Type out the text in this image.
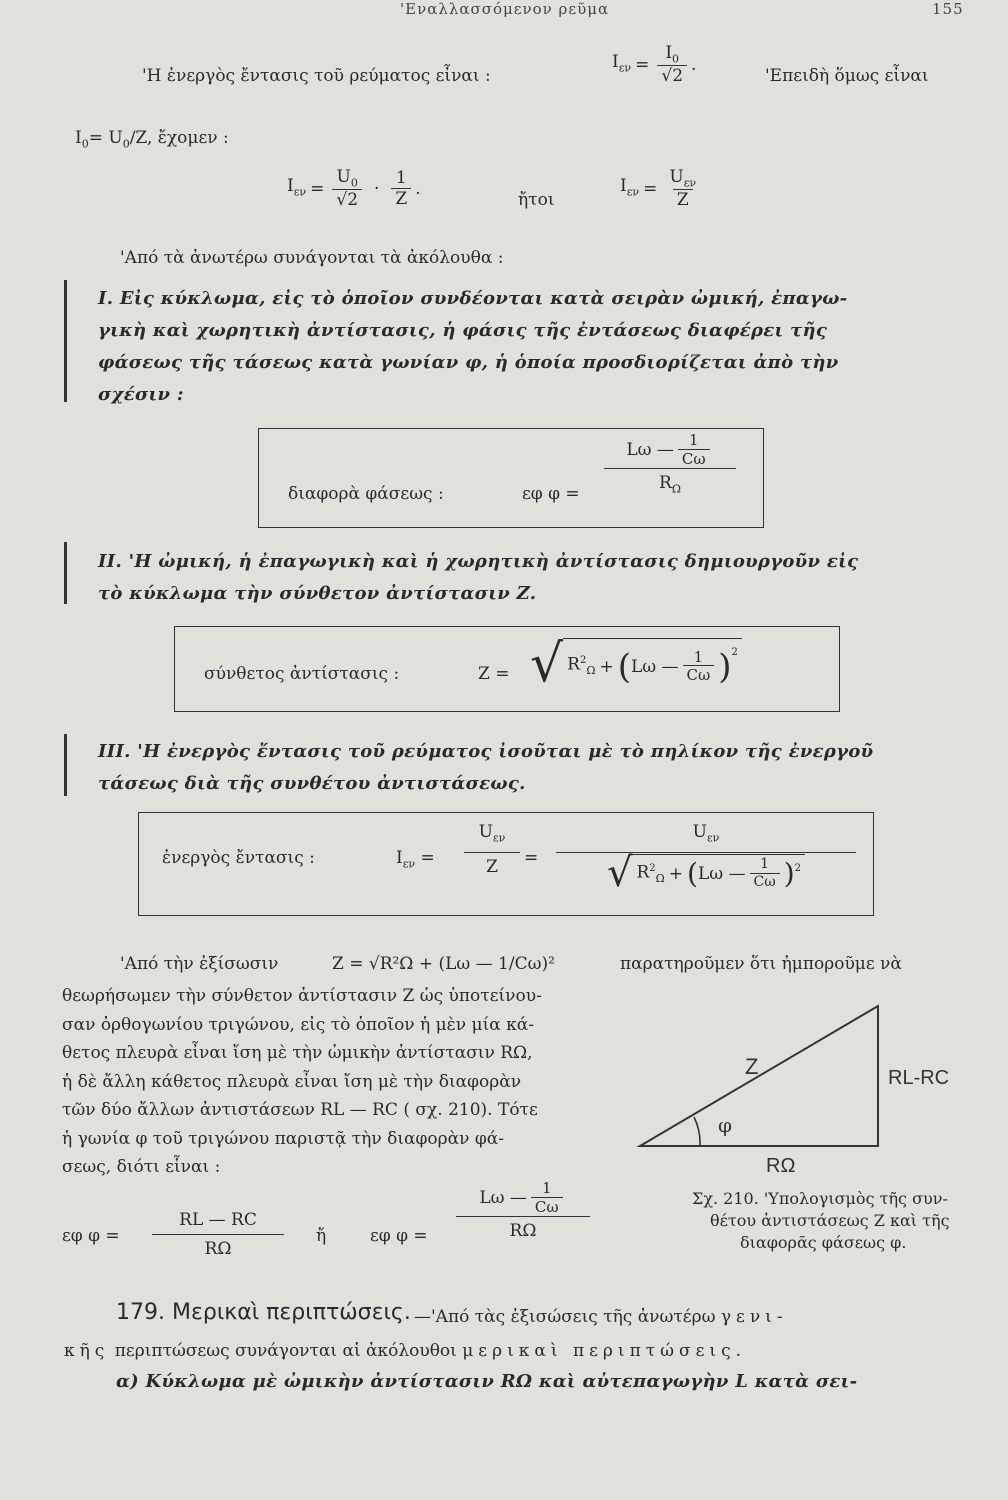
'Εναλλασσόμενον ρεῦμα	155
'Η ἐνεργὸς ἔντασις τοῦ ρεύματος εἶναι :
$I_{\varepsilon\nu} = \frac{I_0}{√2}$ .
'Επειδὴ ὅμως εἶναι
$I_0= U_0/Z$, ἔχομεν :
$I_{\varepsilon\nu} = \frac{U_0}{√2} \cdot \frac{1}{Z}$ .
ἤτοι
$I_{\varepsilon\nu} = \frac{U_{\varepsilon\nu}}{Z}$
'Από τὰ ἀνωτέρω συνάγονται τὰ ἀκόλουθα :
I. Εἰς κύκλωμα, εἰς τὸ ὁποῖον συνδέονται κατὰ σειρὰν ὠμική, ἐπαγω-
γικὴ καὶ χωρητικὴ ἀντίστασις, ἡ φάσις τῆς ἐντάσεως διαφέρει τῆς
φάσεως τῆς τάσεως κατὰ γωνίαν φ, ἡ ὁποία προσδιορίζεται ἀπὸ τὴν
σχέσιν :
διαφορὰ φάσεως :	εφ φ =
Lω — $\frac{1}{C\omega}$
$R_\Omega$
II. 'Η ὠμική, ἡ ἐπαγωγικὴ καὶ ἡ χωρητικὴ ἀντίστασις δημιουργοῦν εἰς
τὸ κύκλωμα τὴν σύνθετον ἀντίστασιν Z.
σύνθετος ἀντίστασις :	Z = √ $R^2_\Omega$ + ( Lω — $\frac{1}{C\omega} )^2$
III. 'Η ἐνεργὸς ἔντασις τοῦ ρεύματος ἰσοῦται μὲ τὸ πηλίκον τῆς ἐνεργοῦ
τάσεως διὰ τῆς συνθέτου ἀντιστάσεως.
ἐνεργὸς ἔντασις :	$I_{\varepsilon\nu}$ =
$U_{\varepsilon\nu}$
Z	=
$U_{\varepsilon\nu}$
√ $R^2_\Omega$ + ( Lω — $\frac{1}{C\omega} )^2$
'Από τὴν ἐξίσωσιν	Z = √R²Ω + (Lω — 1/Cω)²	παρατηροῦμεν ὅτι ἠμποροῦμε νὰ
θεωρήσωμεν τὴν σύνθετον ἀντίστασιν Z ὡς ὑποτείνου-
σαν ὀρθογωνίου τριγώνου, εἰς τὸ ὁποῖον ἡ μὲν μία κά-
θετος πλευρὰ εἶναι ἴση μὲ τὴν ὠμικὴν ἀντίστασιν RΩ,
ἡ δὲ ἄλλη κάθετος πλευρὰ εἶναι ἴση μὲ τὴν διαφορὰν
τῶν δύο ἄλλων ἀντιστάσεων RL — RC ( σχ. 210). Τότε
ἡ γωνία φ τοῦ τριγώνου παριστᾷ τὴν διαφορὰν φά-
σεως, διότι εἶναι :
Z
φ
RL-RC
RΩ
Σχ. 210. 'Υπολογισμὸς τῆς συν-
θέτου ἀντιστάσεως Z καὶ τῆς
διαφορᾶς φάσεως φ.
εφ φ =
RL — RC
RΩ
ἤ	εφ φ =
Lω — $\frac{1}{C\omega}$
RΩ
179. Μερικαὶ περιπτώσεις. —'Από τὰς ἐξισώσεις τῆς ἀνωτέρω γενι-
κῆς περιπτώσεως συνάγονται αἱ ἀκόλουθοι μερικαὶ περιπτώσεις.
α) Κύκλωμα μὲ ὠμικὴν ἀντίστασιν RΩ καὶ αὐτεπαγωγὴν L κατὰ σει-
